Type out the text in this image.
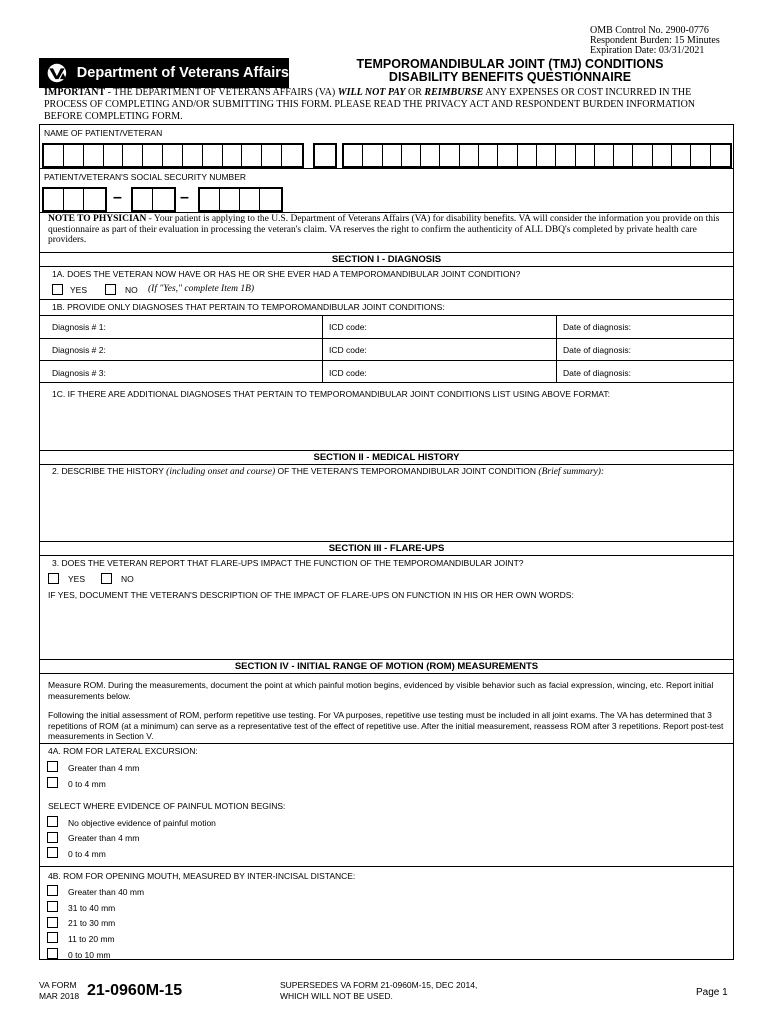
OMB Control No. 2900-0776
Respondent Burden: 15 Minutes
Expiration Date: 03/31/2021
Department of Veterans Affairs
TEMPOROMANDIBULAR JOINT (TMJ) CONDITIONS
DISABILITY BENEFITS QUESTIONNAIRE
IMPORTANT - THE DEPARTMENT OF VETERANS AFFAIRS (VA) WILL NOT PAY OR REIMBURSE ANY EXPENSES OR COST INCURRED IN THE PROCESS OF COMPLETING AND/OR SUBMITTING THIS FORM. PLEASE READ THE PRIVACY ACT AND RESPONDENT BURDEN INFORMATION BEFORE COMPLETING FORM.
NAME OF PATIENT/VETERAN
PATIENT/VETERAN'S SOCIAL SECURITY NUMBER
–	–
NOTE TO PHYSICIAN - Your patient is applying to the U.S. Department of Veterans Affairs (VA) for disability benefits. VA will consider the information you provide on this questionnaire as part of their evaluation in processing the veteran's claim. VA reserves the right to confirm the authenticity of ALL DBQ's completed by private health care providers.
SECTION I - DIAGNOSIS
1A. DOES THE VETERAN NOW HAVE OR HAS HE OR SHE EVER HAD A TEMPOROMANDIBULAR JOINT CONDITION?
YES	NO (If "Yes," complete Item 1B)
1B. PROVIDE ONLY DIAGNOSES THAT PERTAIN TO TEMPOROMANDIBULAR JOINT CONDITIONS:
Diagnosis # 1:	ICD code:	Date of diagnosis:
Diagnosis # 2:	ICD code:	Date of diagnosis:
Diagnosis # 3:	ICD code:	Date of diagnosis:
1C. IF THERE ARE ADDITIONAL DIAGNOSES THAT PERTAIN TO TEMPOROMANDIBULAR JOINT CONDITIONS LIST USING ABOVE FORMAT:
SECTION II - MEDICAL HISTORY
2. DESCRIBE THE HISTORY (including onset and course) OF THE VETERAN'S TEMPOROMANDIBULAR JOINT CONDITION (Brief summary):
SECTION III - FLARE-UPS
3. DOES THE VETERAN REPORT THAT FLARE-UPS IMPACT THE FUNCTION OF THE TEMPOROMANDIBULAR JOINT?
YES	NO
IF YES, DOCUMENT THE VETERAN'S DESCRIPTION OF THE IMPACT OF FLARE-UPS ON FUNCTION IN HIS OR HER OWN WORDS:
SECTION IV - INITIAL RANGE OF MOTION (ROM) MEASUREMENTS
Measure ROM. During the measurements, document the point at which painful motion begins, evidenced by visible behavior such as facial expression, wincing, etc. Report initial measurements below.
Following the initial assessment of ROM, perform repetitive use testing. For VA purposes, repetitive use testing must be included in all joint exams. The VA has determined that 3 repetitions of ROM (at a minimum) can serve as a representative test of the effect of repetitive use. After the initial measurement, reassess ROM after 3 repetitions. Report post-test measurements in Section V.
4A. ROM FOR LATERAL EXCURSION:
Greater than 4 mm
0 to 4 mm
SELECT WHERE EVIDENCE OF PAINFUL MOTION BEGINS:
No objective evidence of painful motion
Greater than 4 mm
0 to 4 mm
4B. ROM FOR OPENING MOUTH, MEASURED BY INTER-INCISAL DISTANCE:
Greater than 40 mm
31 to 40 mm
21 to 30 mm
11 to 20 mm
0 to 10 mm
VA FORM
MAR 2018 21-0960M-15	SUPERSEDES VA FORM 21-0960M-15, DEC 2014,
WHICH WILL NOT BE USED.	Page 1
